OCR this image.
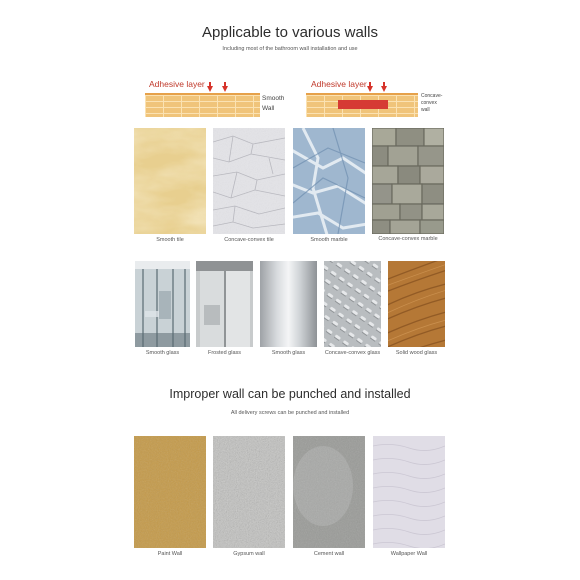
Applicable to various walls
Including most of the bathroom wall installation and use
Adhesive layer
Smooth
Wall
Adhesive layer
Concave-
convex
wall
Smooth tile	Concave-convex tile	Smooth marble	Concave-convex marble
Smooth glass	Frosted glass	Smooth glass	Concave-convex glass	Solid wood glass
Improper wall can be punched and installed
All delivery screws can be punched and installed
Paint Wall	Gypsum wall	Cement wall	Wallpaper Wall
